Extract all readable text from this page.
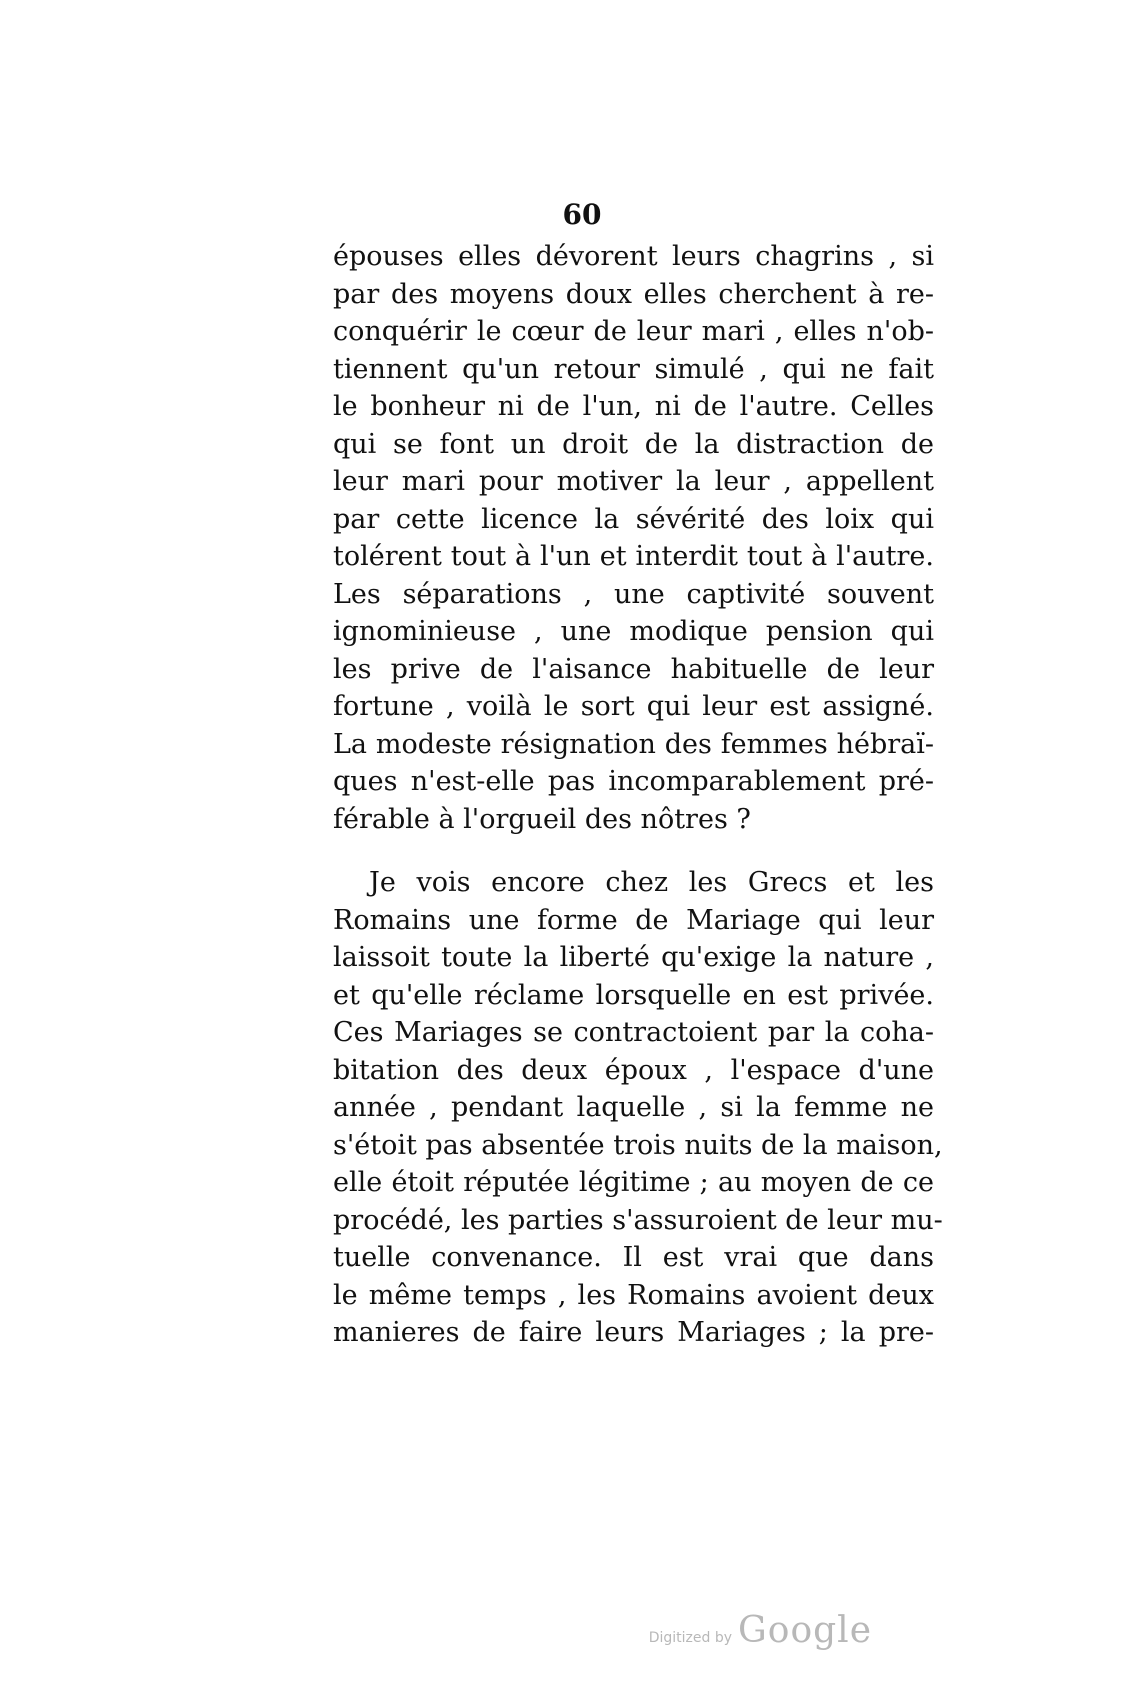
60
épouses elles dévorent leurs chagrins , si
par des moyens doux elles cherchent à re-
conquérir le cœur de leur mari , elles n'ob-
tiennent qu'un retour simulé , qui ne fait
le bonheur ni de l'un, ni de l'autre. Celles
qui se font un droit de la distraction de
leur mari pour motiver la leur , appellent
par cette licence la sévérité des loix qui
tolérent tout à l'un et interdit tout à l'autre.
Les séparations , une captivité souvent
ignominieuse , une modique pension qui
les prive de l'aisance habituelle de leur
fortune , voilà le sort qui leur est assigné.
La modeste résignation des femmes hébraï-
ques n'est-elle pas incomparablement pré-
férable à l'orgueil des nôtres ?
Je vois encore chez les Grecs et les
Romains une forme de Mariage qui leur
laissoit toute la liberté qu'exige la nature ,
et qu'elle réclame lorsquelle en est privée.
Ces Mariages se contractoient par la coha-
bitation des deux époux , l'espace d'une
année , pendant laquelle , si la femme ne
s'étoit pas absentée trois nuits de la maison,
elle étoit réputée légitime ; au moyen de ce
procédé, les parties s'assuroient de leur mu-
tuelle convenance. Il est vrai que dans
le même temps , les Romains avoient deux
manieres de faire leurs Mariages ; la pre-
Digitized by Google
